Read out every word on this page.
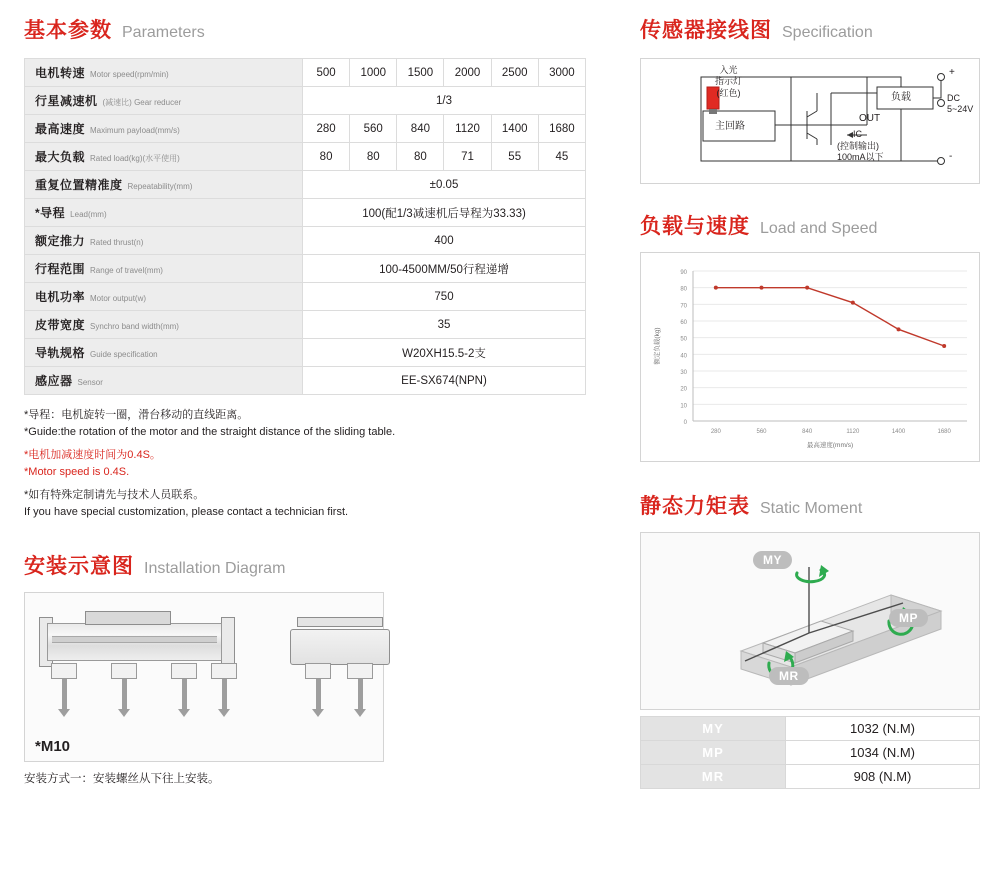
基本参数 Parameters
电机转速 Motor speed(rpm/min)	500	1000	1500	2000	2500	3000
行星减速机 (减速比) Gear reducer	1/3					
最高速度 Maximum payload(mm/s)	280	560	840	1120	1400	1680
最大负载 Rated load(kg)(水平使用)	80	80	80	71	55	45
重复位置精准度 Repeatability(mm)	±0.05					
*导程 Lead(mm)	100(配1/3减速机后导程为33.33)					
额定推力 Rated thrust(n)	400					
行程范围 Range of travel(mm)	100-4500MM/50行程递增					
电机功率 Motor output(w)	750					
皮带宽度 Synchro band width(mm)	35					
导轨规格 Guide specification	W20XH15.5-2支					
感应器 Sensor	EE-SX674(NPN)					
*导程：电机旋转一圈，滑台移动的直线距离。
*Guide:the rotation of the motor and the straight distance of the sliding table.
*电机加减速度时间为0.4S。
*Motor speed is 0.4S.
*如有特殊定制请先与技术人员联系。
If you have special customization, please contact a technician first.
安装示意图 Installation Diagram
*M10
安装方式一：安装螺丝从下往上安装。
传感器接线图 Specification
入光
指示灯
(红色)
主回路
负载
OUT
IC
(控制输出)
100mA以下
DC
5~24V
+
-
负载与速度 Load and Speed
0
10
20
30
40
50
60
70
80
90
280	560	840	1120	1400	1680
最高速度(mm/s)
额定负载(kg)
静态力矩表 Static Moment
MY
MP
MR
MY	1032 (N.M)
MP	1034 (N.M)
MR	908 (N.M)
